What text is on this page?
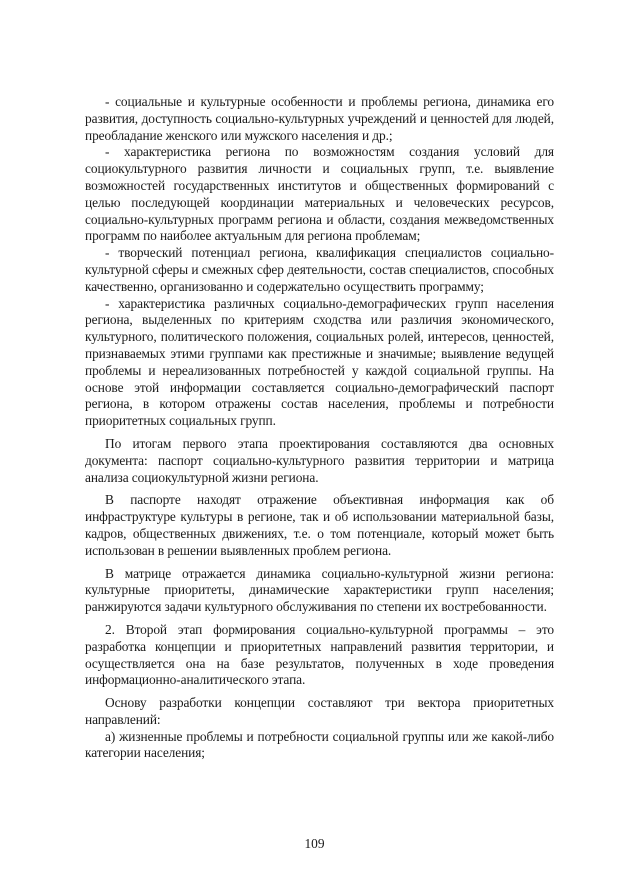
- социальные и культурные особенности и проблемы региона, динамика его развития, доступность социально-культурных учреждений и ценностей для людей, преобладание женского или мужского населения и др.;

- характеристика региона по возможностям создания условий для социокультурного развития личности и социальных групп, т.е. выявление возможностей государственных институтов и общественных формирований с целью последующей координации материальных и человеческих ресурсов, социально-культурных программ региона и области, создания межведомственных программ по наиболее актуальным для региона проблемам;

- творческий потенциал региона, квалификация специалистов социально-культурной сферы и смежных сфер деятельности, состав специалистов, способных качественно, организованно и содержательно осуществить программу;

- характеристика различных социально-демографических групп населения региона, выделенных по критериям сходства или различия экономического, культурного, политического положения, социальных ролей, интересов, ценностей, признаваемых этими группами как престижные и значимые; выявление ведущей проблемы и нереализованных потребностей у каждой социальной группы. На основе этой информации составляется социально-демографический паспорт региона, в котором отражены состав населения, проблемы и потребности приоритетных социальных групп.

По итогам первого этапа проектирования составляются два основных документа: паспорт социально-культурного развития территории и матрица анализа социокультурной жизни региона.

В паспорте находят отражение объективная информация как об инфраструктуре культуры в регионе, так и об использовании материальной базы, кадров, общественных движениях, т.е. о том потенциале, который может быть использован в решении выявленных проблем региона.

В матрице отражается динамика социально-культурной жизни региона: культурные приоритеты, динамические характеристики групп населения; ранжируются задачи культурного обслуживания по степени их востребованности.

2. Второй этап формирования социально-культурной программы – это разработка концепции и приоритетных направлений развития территории, и осуществляется она на базе результатов, полученных в ходе проведения информационно-аналитического этапа.

Основу разработки концепции составляют три вектора приоритетных направлений:

а) жизненные проблемы и потребности социальной группы или же какой-либо категории населения;

109
